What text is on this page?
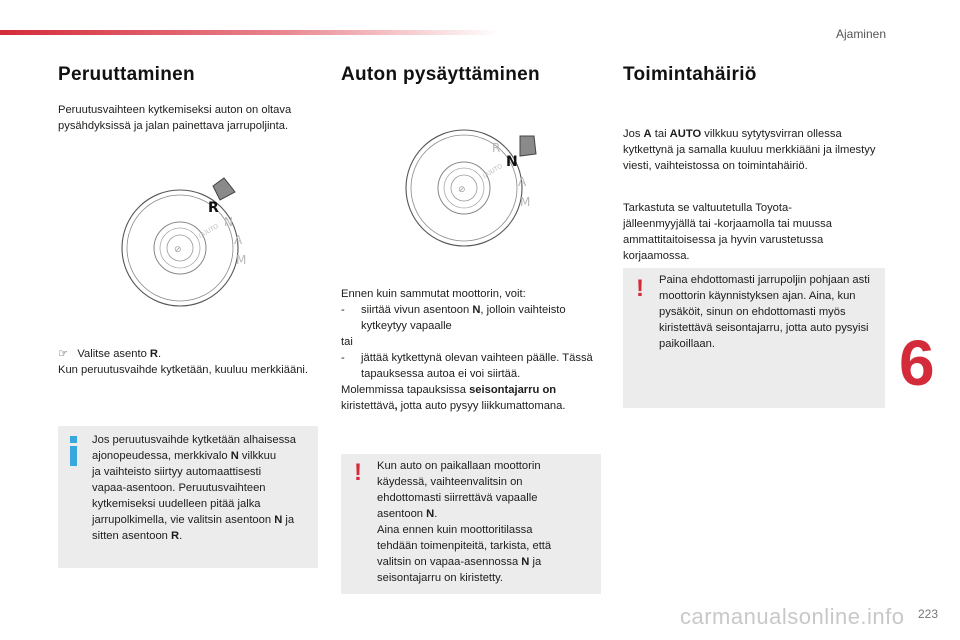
Ajaminen
6
Peruuttaminen
Peruutusvaihteen kytkemiseksi auton on oltava pysähdyksissä ja jalan painettava jarrupoljinta.
⊘
R
N
A
M
(A)UTO

☞ Valitse asento R.

Kun peruutusvaihde kytketään, kuuluu merkkiääni.

Jos peruutusvaihde kytketään alhaisessa
ajonopeudessa, merkkivalo N vilkkuu
ja vaihteisto siirtyy automaattisesti
vapaa-asentoon. Peruutusvaihteen
kytkemiseksi uudelleen pitää jalka
jarrupolkimella, vie valitsin asentoon N ja
sitten asentoon R.
Auton pysäyttäminen
⊘
R
N
A
M
(A)UTO

Ennen kuin sammutat moottorin, voit:

- siirtää vivun asentoon N, jolloin vaihteisto kytkeytyy vapaalle

tai

- jättää kytkettynä olevan vaihteen päälle. Tässä tapauksessa autoa ei voi siirtää.

Molemmissa tapauksissa seisontajarru on

kiristettävä, jotta auto pysyy liikkumattomana.

! Kun auto on paikallaan moottorin
käydessä, vaihteenvalitsin on
ehdottomasti siirrettävä vapaalle
asentoon N.
Aina ennen kuin moottoritilassa
tehdään toimenpiteitä, tarkista, että
valitsin on vapaa-asennossa N ja
seisontajarru on kiristetty.
Toimintahäiriö
Jos A tai AUTO vilkkuu sytytysvirran ollessa kytkettynä ja samalla kuuluu merkkiääni ja ilmestyy viesti, vaihteistossa on toimintahäiriö.
Tarkastuta se valtuutetulla Toyota-jälleenmyyjällä tai -korjaamolla tai muussa ammattitaitoisessa ja hyvin varustetussa korjaamossa.
! Paina ehdottomasti jarrupoljin pohjaan asti moottorin käynnistyksen ajan. Aina, kun pysäköit, sinun on ehdottomasti myös kiristettävä seisontajarru, jotta auto pysyisi paikoillaan.
carmanualsonline.info 223
